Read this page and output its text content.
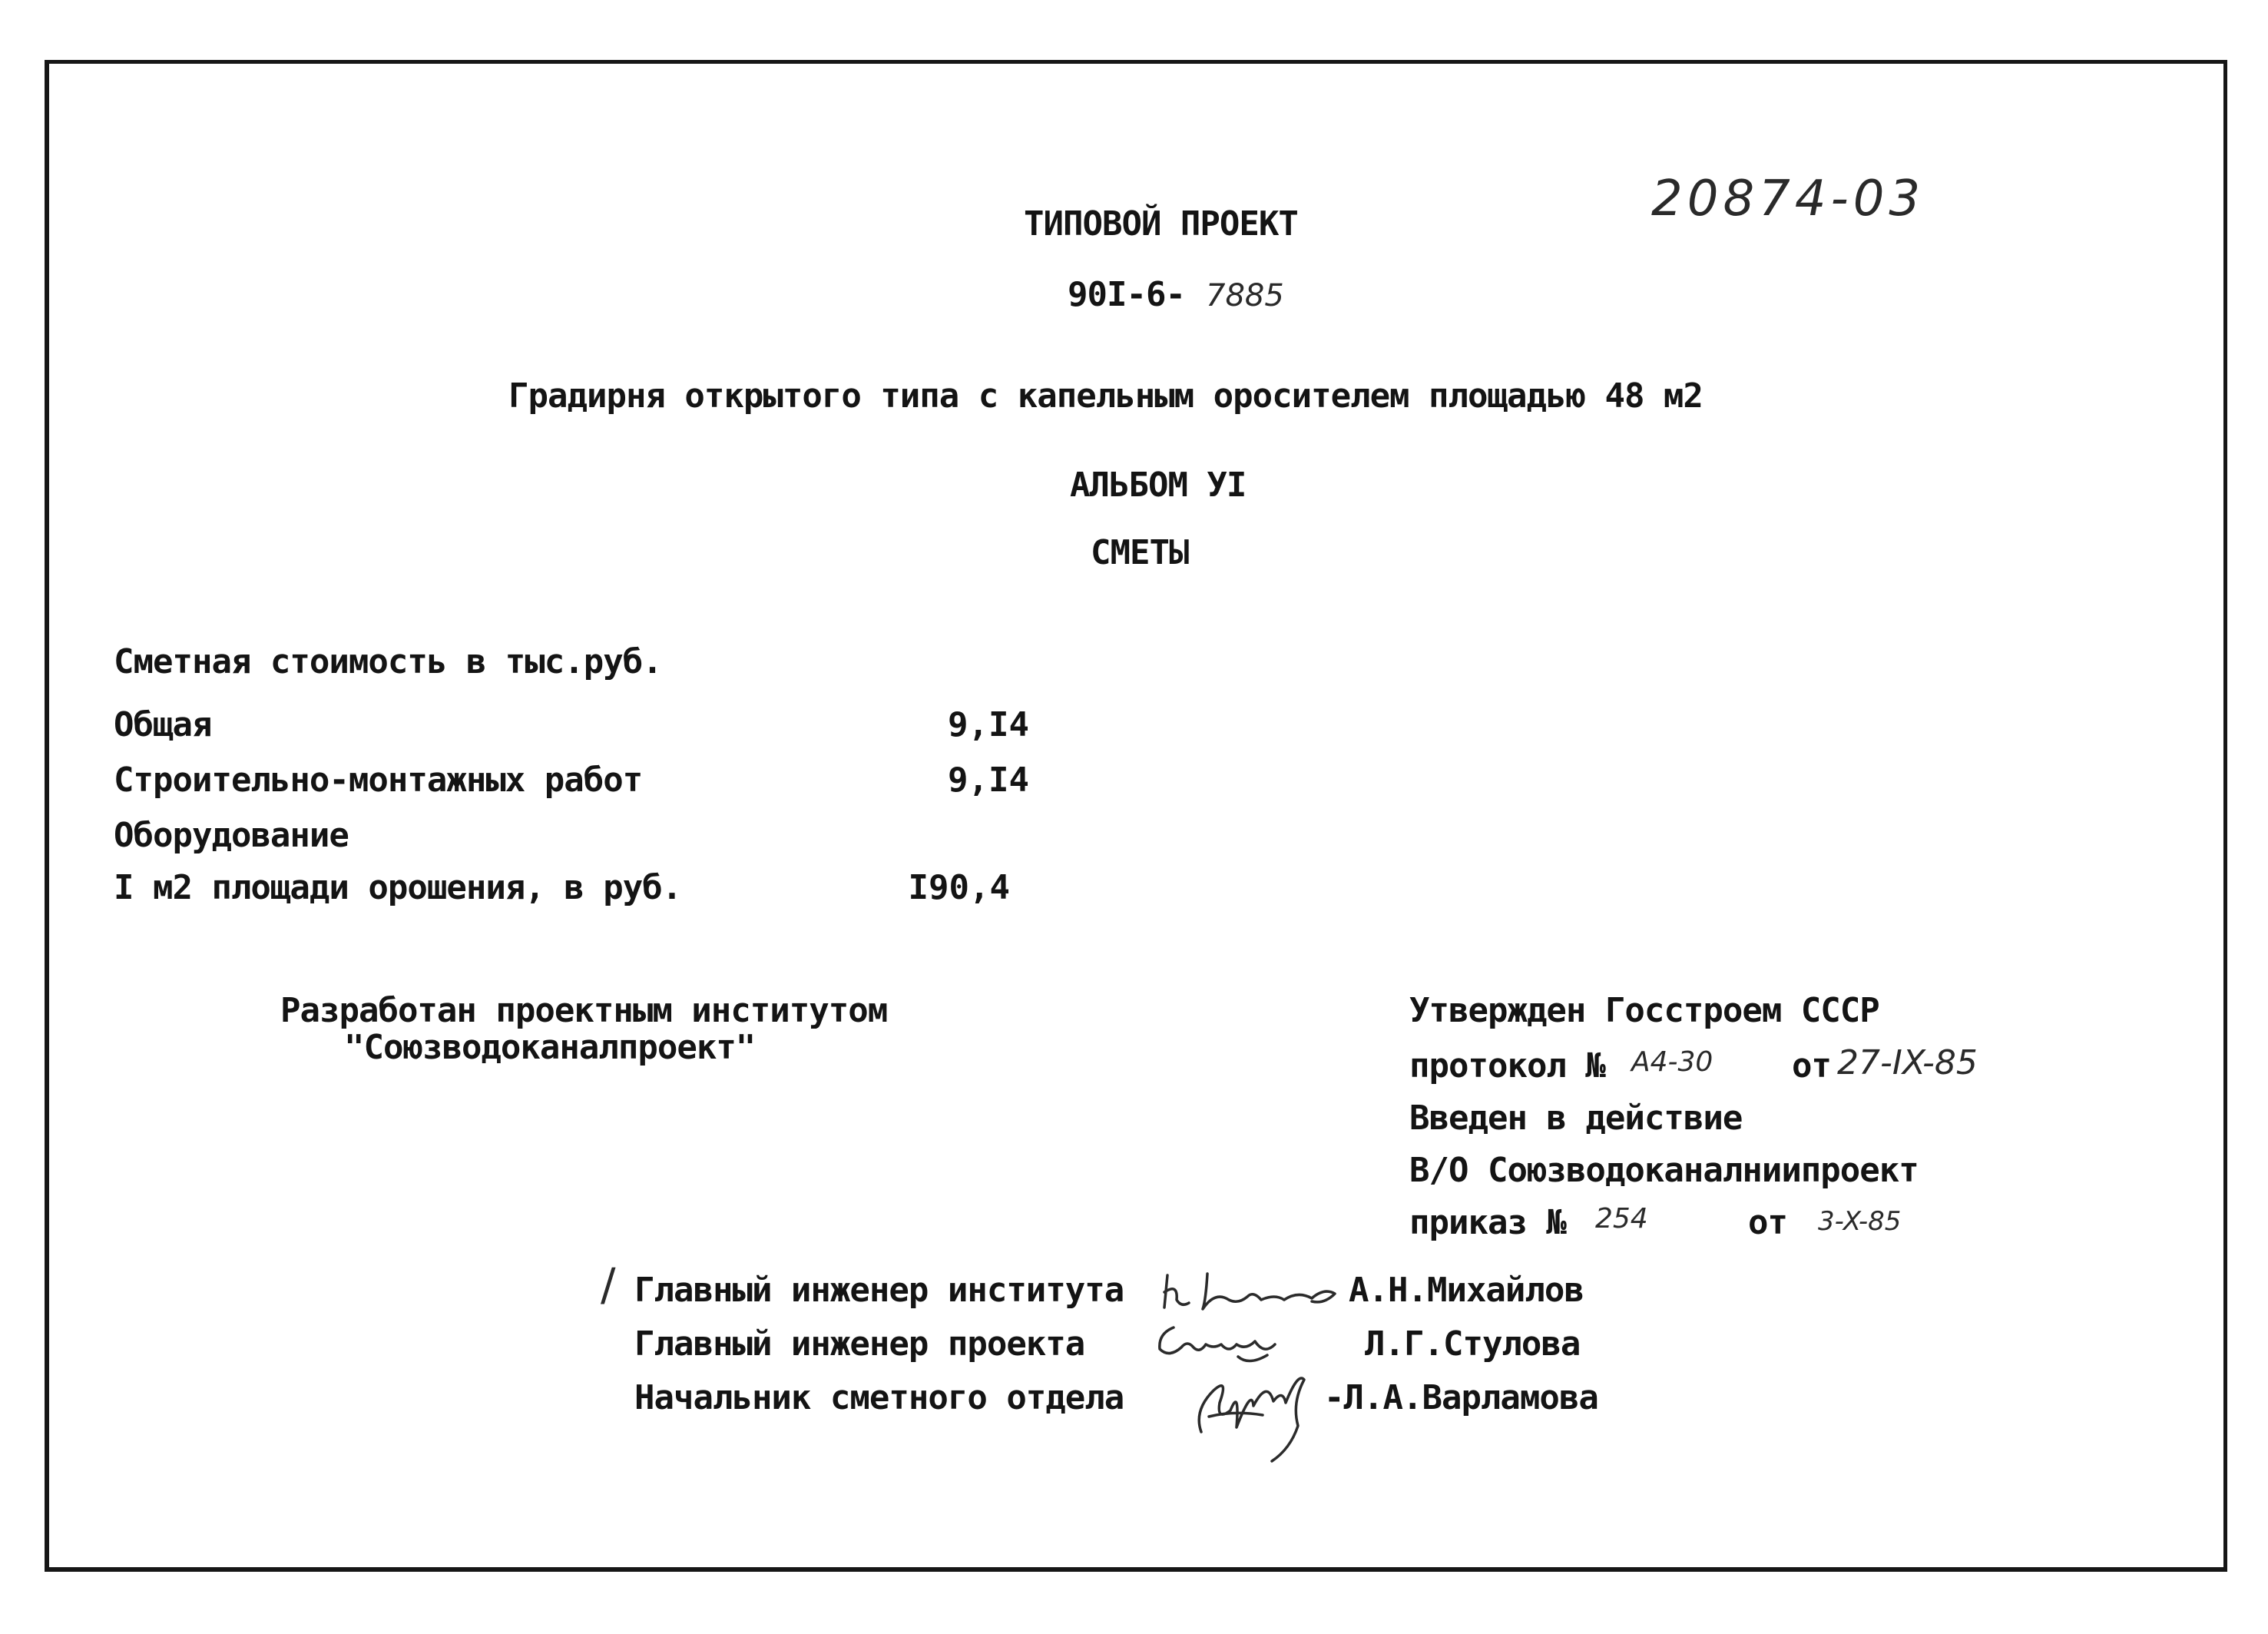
ТИПОВОЙ ПРОЕКТ	20874-03
90I-6- 7885
Градирня открытого типа с капельным оросителем площадью 48 м2
АЛЬБОМ УI
СМЕТЫ
Сметная стоимость в тыс.руб.
Общая	9,I4
Строительно-монтажных работ	9,I4
Оборудование
I м2 площади орошения, в руб.	I90,4
Разработан проектным институтом
"Союзводоканалпроект"
Утвержден Госстроем СССР
протокол № А4-30 от 27-IX-85
Введен в действие
В/О Союзводоканалниипроект
приказ № 254	от 3-X-85
/ Главный инженер института	А.Н.Михайлов
Главный инженер проекта	Л.Г.Стулова
Начальник сметного отдела	-Л.А.Варламова
